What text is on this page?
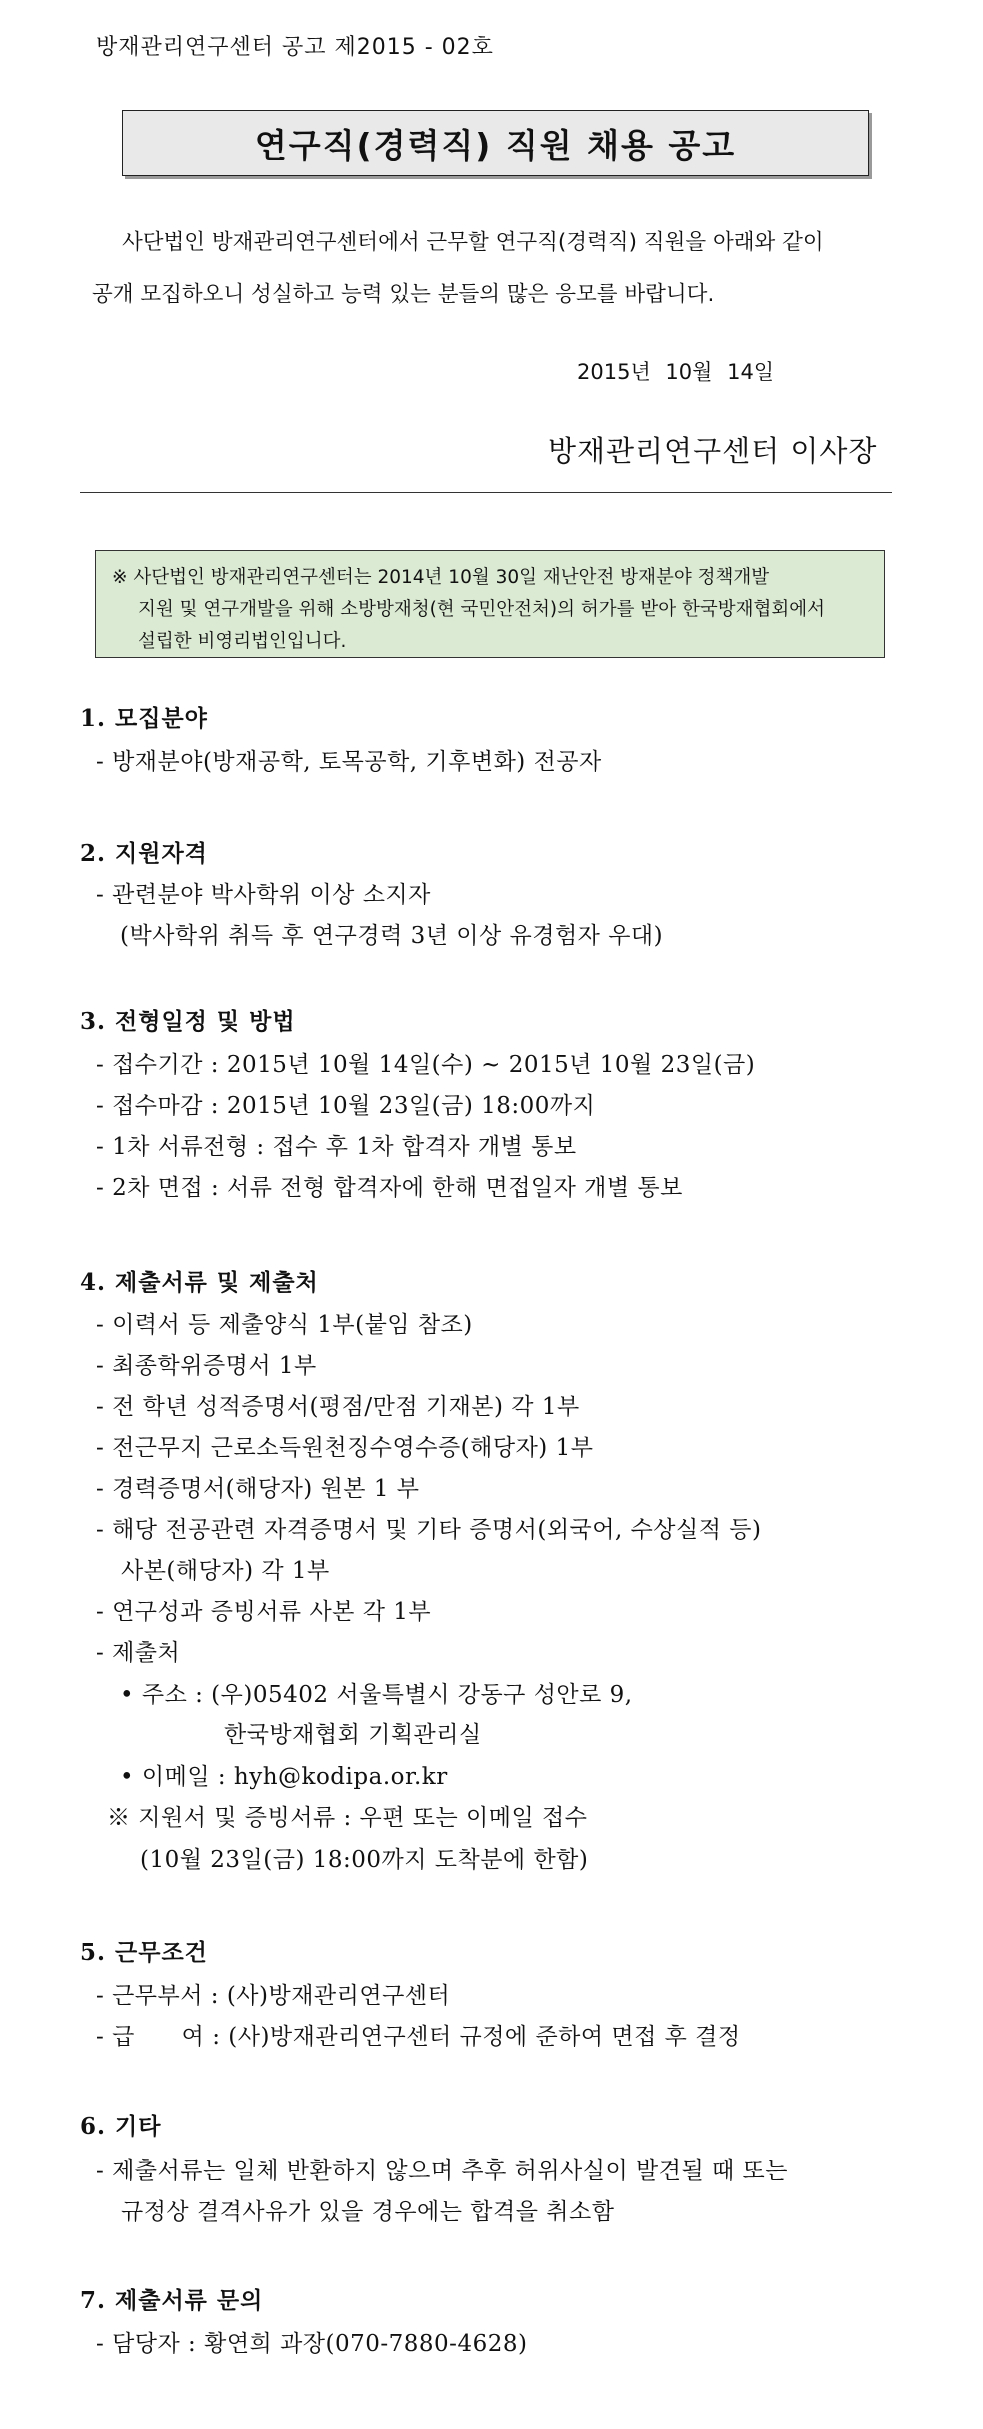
방재관리연구센터 공고 제2015 - 02호
연구직(경력직) 직원 채용 공고
사단법인 방재관리연구센터에서 근무할 연구직(경력직) 직원을 아래와 같이
공개 모집하오니 성실하고 능력 있는 분들의 많은 응모를 바랍니다.
2015년 10월 14일
방재관리연구센터 이사장
※ 사단법인 방재관리연구센터는 2014년 10월 30일 재난안전 방재분야 정책개발
지원 및 연구개발을 위해 소방방재청(현 국민안전처)의 허가를 받아 한국방재협회에서
설립한 비영리법인입니다.
1. 모집분야
- 방재분야(방재공학, 토목공학, 기후변화) 전공자
2. 지원자격
- 관련분야 박사학위 이상 소지자
(박사학위 취득 후 연구경력 3년 이상 유경험자 우대)
3. 전형일정 및 방법
- 접수기간 : 2015년 10월 14일(수) ~ 2015년 10월 23일(금)
- 접수마감 : 2015년 10월 23일(금) 18:00까지
- 1차 서류전형 : 접수 후 1차 합격자 개별 통보
- 2차 면접 : 서류 전형 합격자에 한해 면접일자 개별 통보
4. 제출서류 및 제출처
- 이력서 등 제출양식 1부(붙임 참조)
- 최종학위증명서 1부
- 전 학년 성적증명서(평점/만점 기재본) 각 1부
- 전근무지 근로소득원천징수영수증(해당자) 1부
- 경력증명서(해당자) 원본 1 부
- 해당 전공관련 자격증명서 및 기타 증명서(외국어, 수상실적 등)
사본(해당자) 각 1부
- 연구성과 증빙서류 사본 각 1부
- 제출처
• 주소 : (우)05402 서울특별시 강동구 성안로 9,
한국방재협회 기획관리실
• 이메일 : hyh@kodipa.or.kr
※ 지원서 및 증빙서류 : 우편 또는 이메일 접수
(10월 23일(금) 18:00까지 도착분에 한함)
5. 근무조건
- 근무부서 : (사)방재관리연구센터
- 급      여 : (사)방재관리연구센터 규정에 준하여 면접 후 결정
6. 기타
- 제출서류는 일체 반환하지 않으며 추후 허위사실이 발견될 때 또는
규정상 결격사유가 있을 경우에는 합격을 취소함
7. 제출서류 문의
- 담당자 : 황연희 과장(070-7880-4628)
